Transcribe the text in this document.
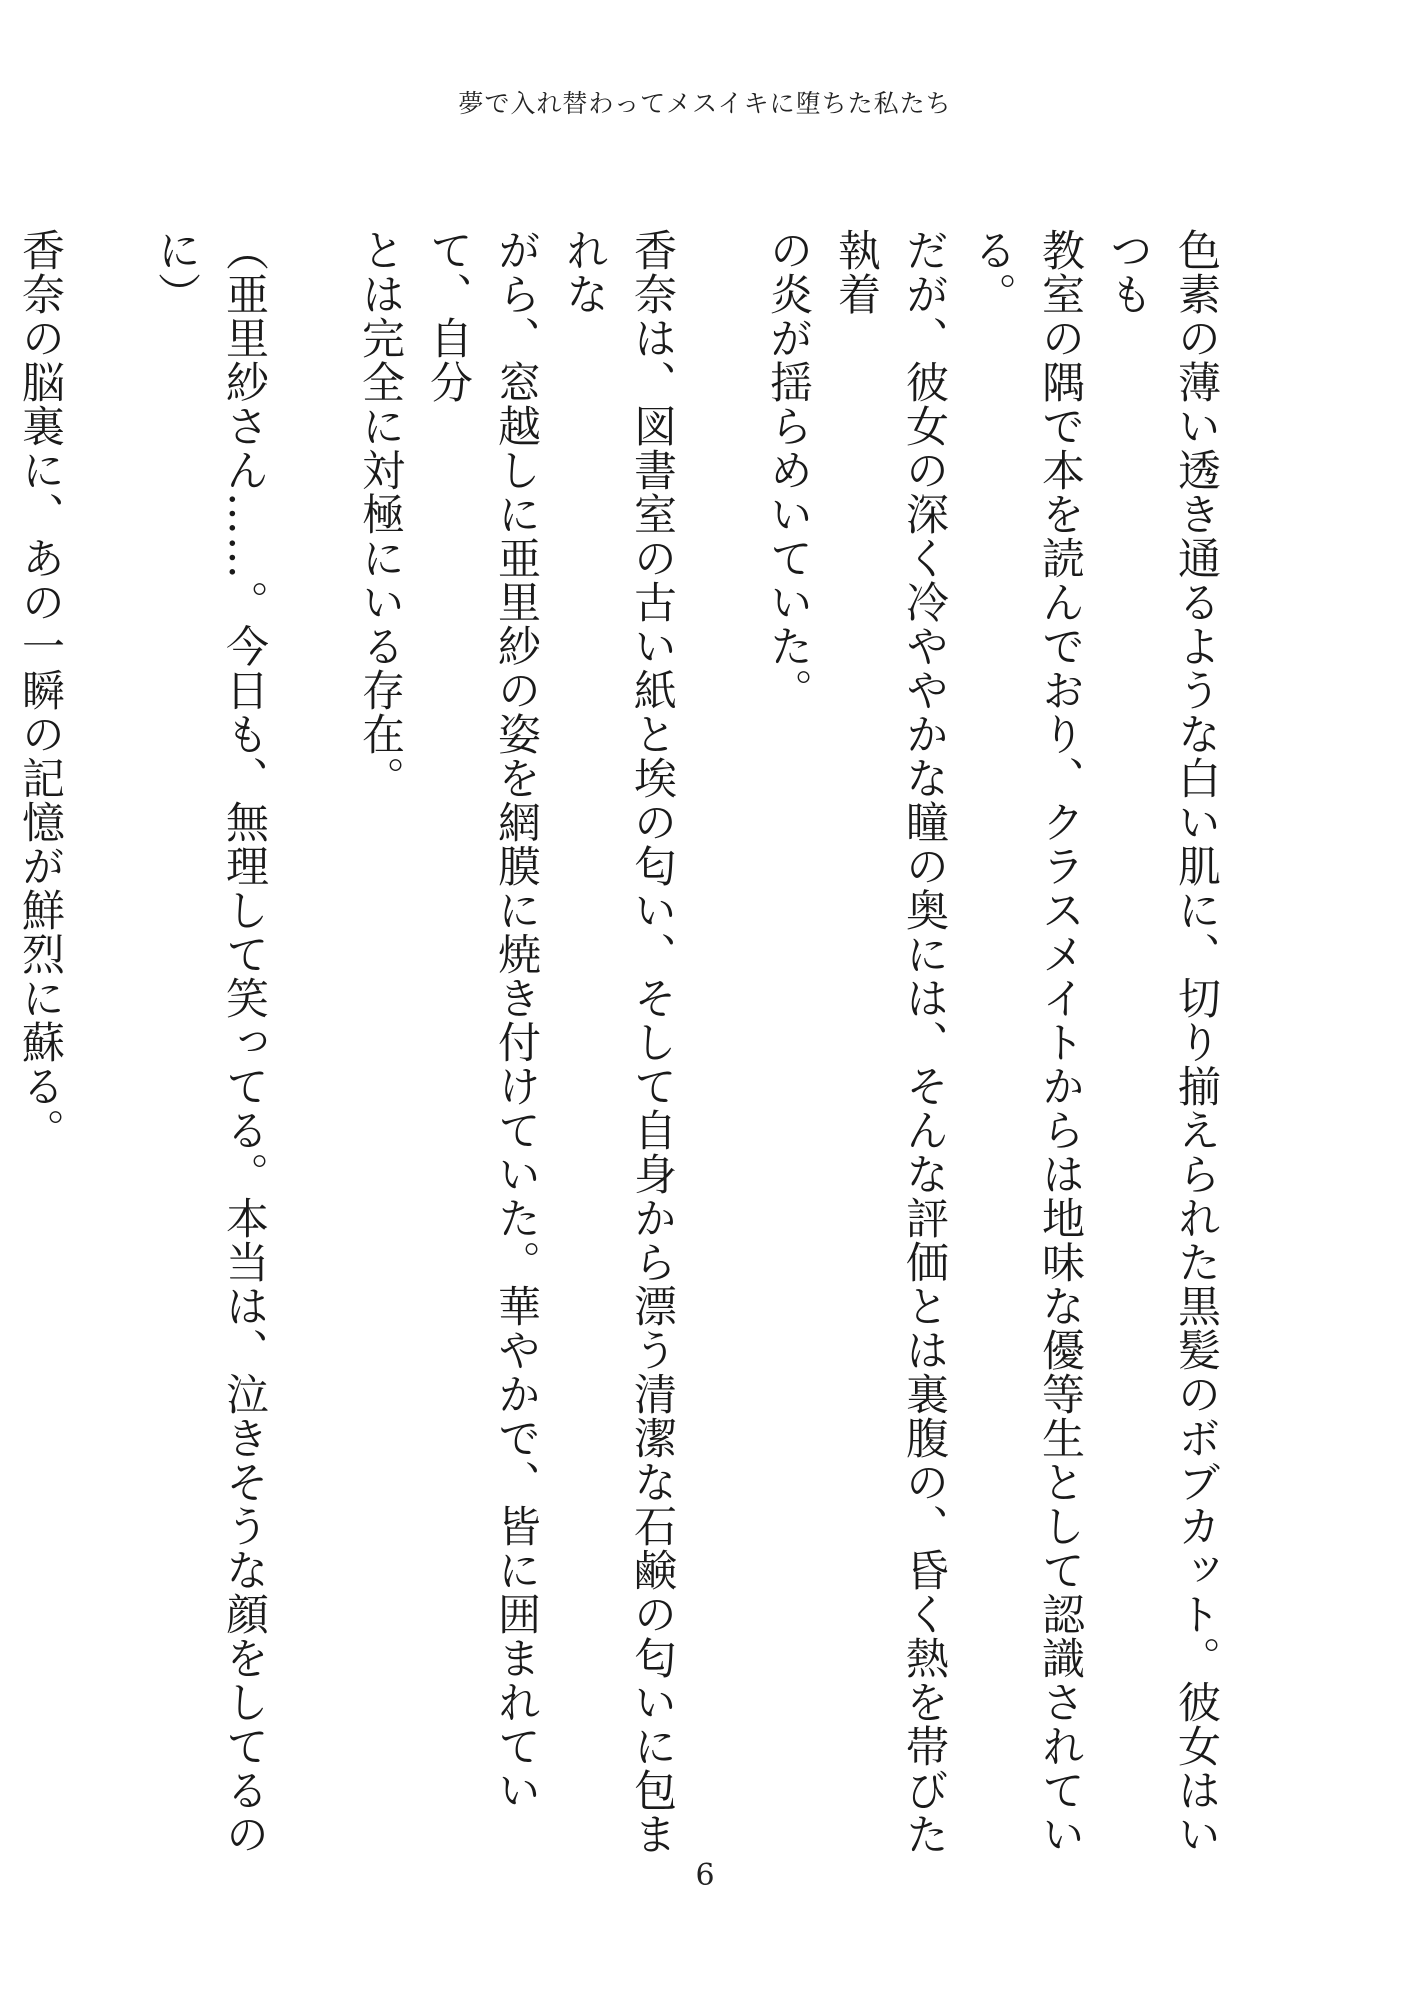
夢で入れ替わってメスイキに堕ちた私たち
色素の薄い透き通るような白い肌に、切り揃えられた黒髪のボブカット。彼女はいつも
教室の隅で本を読んでおり、クラスメイトからは地味な優等生として認識されている。
だが、彼女の深く冷ややかな瞳の奥には、そんな評価とは裏腹の、昏く熱を帯びた執着
の炎が揺らめいていた。

香奈は、図書室の古い紙と埃の匂い、そして自身から漂う清潔な石鹸の匂いに包まれな
がら、窓越しに亜里紗の姿を網膜に焼き付けていた。華やかで、皆に囲まれていて、自分
とは完全に対極にいる存在。

（亜里紗さん……。今日も、無理して笑ってる。本当は、泣きそうな顔をしてるのに）

香奈の脳裏に、あの一瞬の記憶が鮮烈に蘇る。

6
